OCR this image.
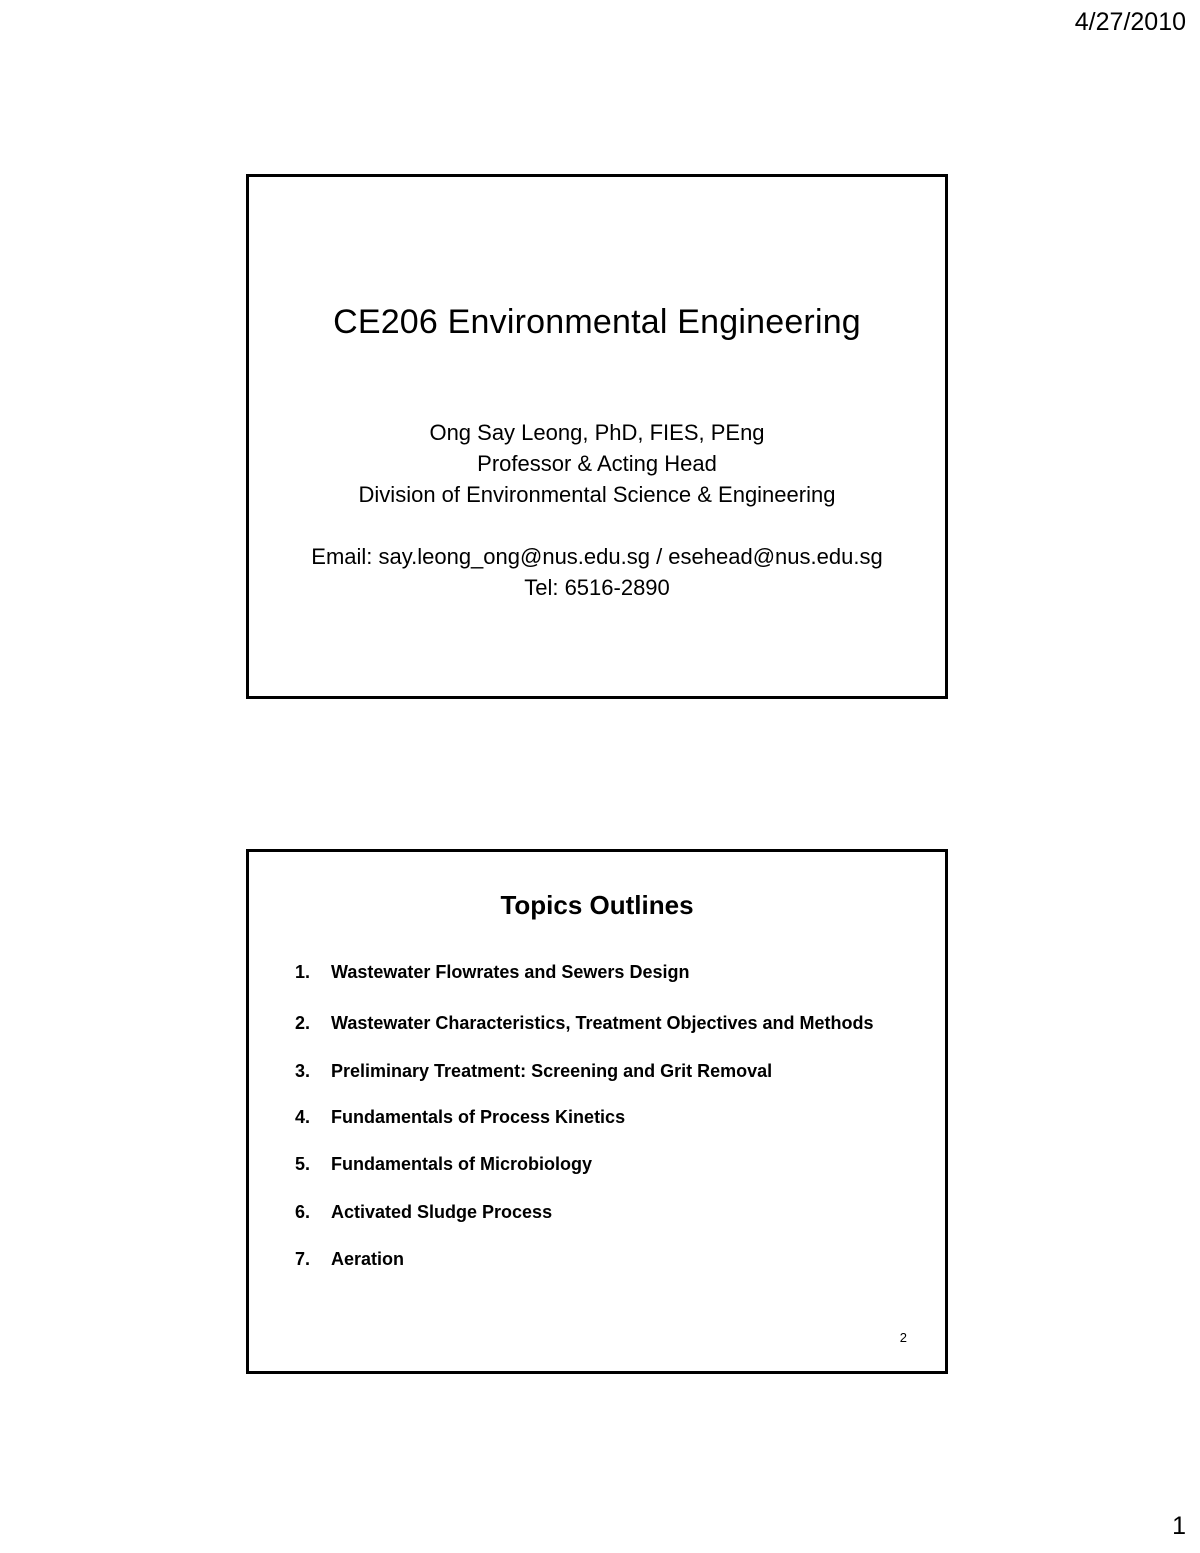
4/27/2010
CE206 Environmental Engineering
Ong Say Leong, PhD, FIES, PEng
Professor & Acting Head
Division of Environmental Science & Engineering
Email: say.leong_ong@nus.edu.sg / esehead@nus.edu.sg
Tel: 6516-2890
Topics Outlines
1.	Wastewater Flowrates and Sewers Design
2.	Wastewater Characteristics, Treatment Objectives and Methods
3.	Preliminary Treatment: Screening and Grit Removal
4.	Fundamentals of Process Kinetics
5.	Fundamentals of Microbiology
6.	Activated Sludge Process
7.	Aeration
2
1
